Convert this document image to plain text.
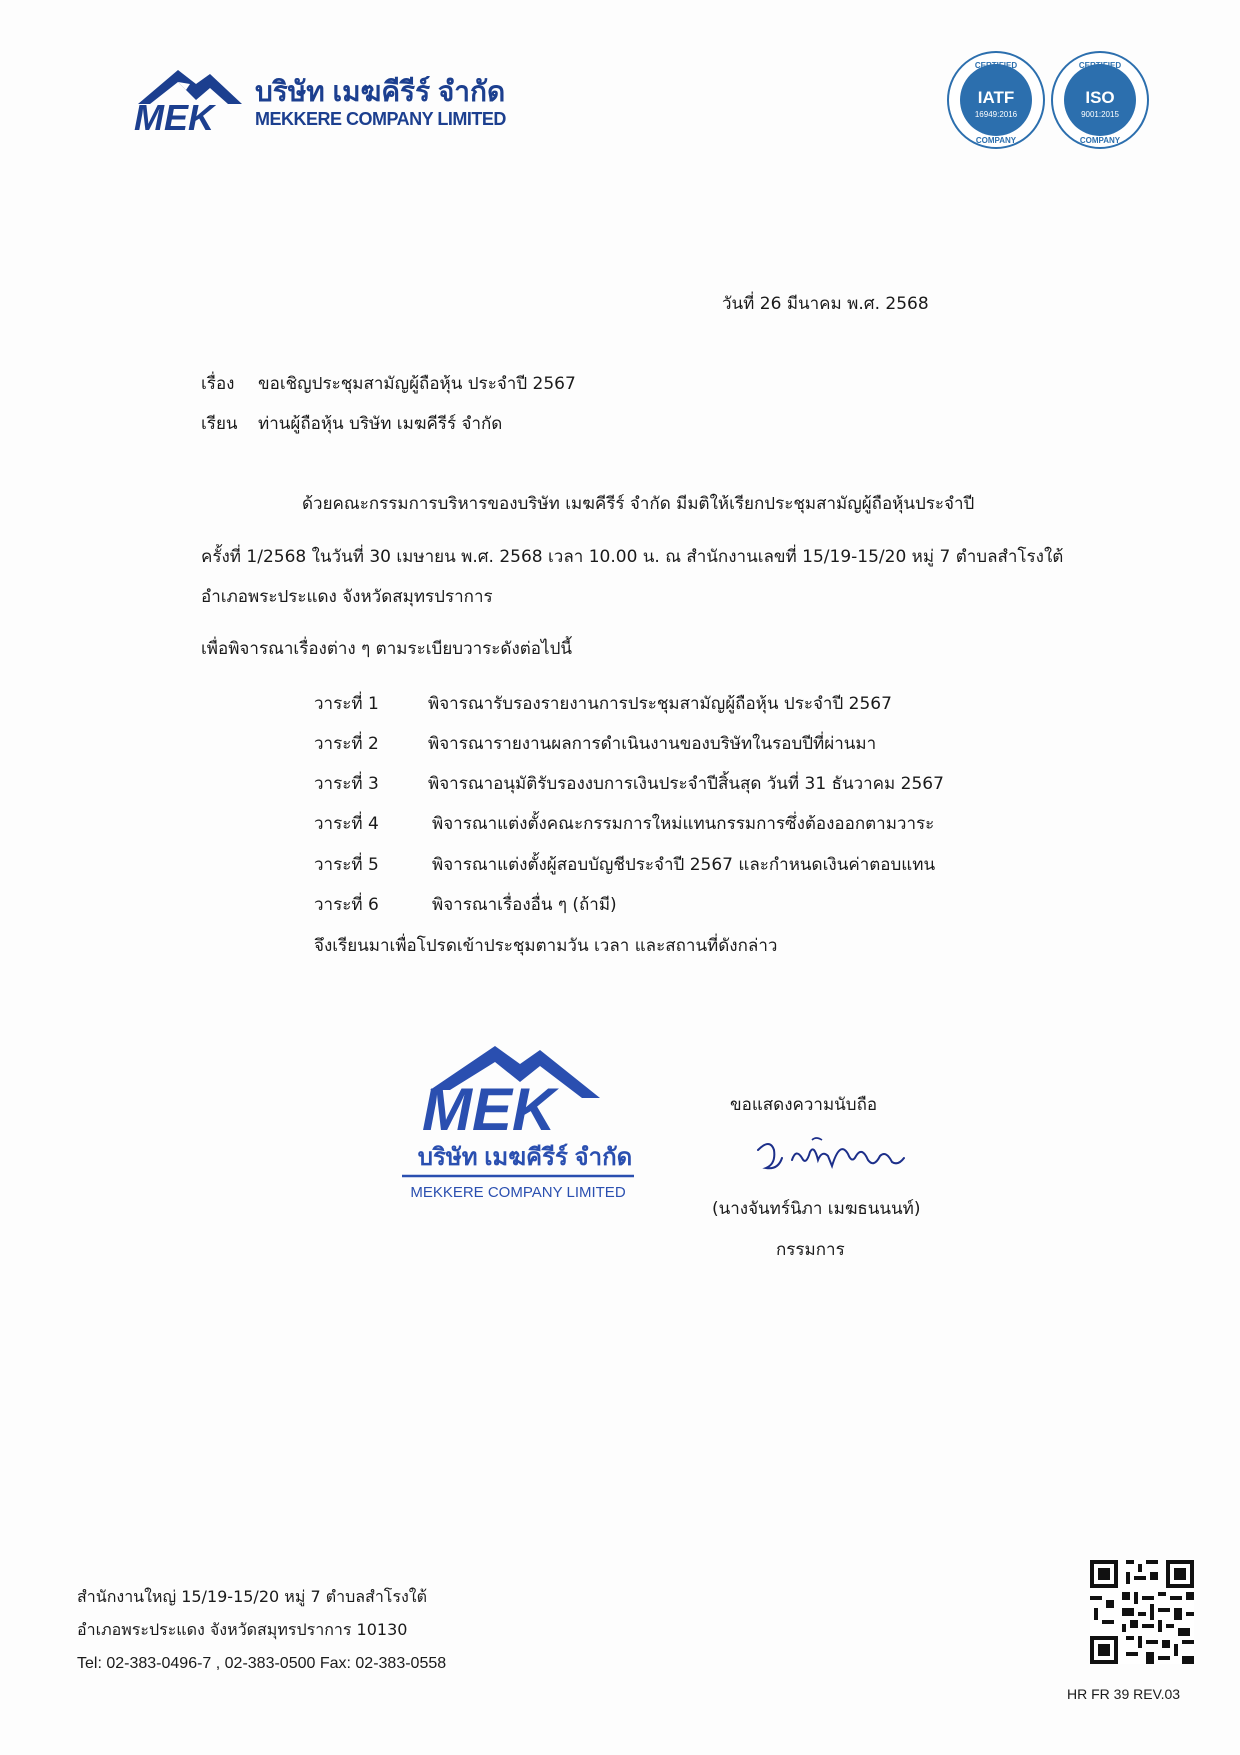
MEK
บริษัท เมฆคีรีร์ จำกัด
MEKKERE COMPANY LIMITED
CERTIFIED
IATF
16949:2016
COMPANY
CERTIFIED
ISO
9001:2015
COMPANY
วันที่ 26 มีนาคม พ.ศ. 2568
เรื่อง ขอเชิญประชุมสามัญผู้ถือหุ้น ประจำปี 2567
เรียน ท่านผู้ถือหุ้น บริษัท เมฆคีรีร์ จำกัด
ด้วยคณะกรรมการบริหารของบริษัท เมฆคีรีร์ จำกัด มีมติให้เรียกประชุมสามัญผู้ถือหุ้นประจำปี
ครั้งที่ 1/2568 ในวันที่ 30 เมษายน พ.ศ. 2568 เวลา 10.00 น. ณ สำนักงานเลขที่ 15/19-15/20 หมู่ 7 ตำบลสำโรงใต้
อำเภอพระประแดง จังหวัดสมุทรปราการ
เพื่อพิจารณาเรื่องต่าง ๆ ตามระเบียบวาระดังต่อไปนี้
วาระที่ 1	พิจารณารับรองรายงานการประชุมสามัญผู้ถือหุ้น ประจำปี 2567
วาระที่ 2	พิจารณารายงานผลการดำเนินงานของบริษัทในรอบปีที่ผ่านมา
วาระที่ 3	พิจารณาอนุมัติรับรองงบการเงินประจำปีสิ้นสุด วันที่ 31 ธันวาคม 2567
วาระที่ 4	พิจารณาแต่งตั้งคณะกรรมการใหม่แทนกรรมการซึ่งต้องออกตามวาระ
วาระที่ 5	พิจารณาแต่งตั้งผู้สอบบัญชีประจำปี 2567 และกำหนดเงินค่าตอบแทน
วาระที่ 6	พิจารณาเรื่องอื่น ๆ (ถ้ามี)
จึงเรียนมาเพื่อโปรดเข้าประชุมตามวัน เวลา และสถานที่ดังกล่าว
MEK
บริษัท เมฆคีรีร์ จำกัด
MEKKERE COMPANY LIMITED
ขอแสดงความนับถือ
(นางจันทร์นิภา เมฆธนนนท์)
กรรมการ
สำนักงานใหญ่ 15/19-15/20 หมู่ 7 ตำบลสำโรงใต้
อำเภอพระประแดง จังหวัดสมุทรปราการ 10130
Tel: 02-383-0496-7 , 02-383-0500 Fax: 02-383-0558
HR FR 39 REV.03
